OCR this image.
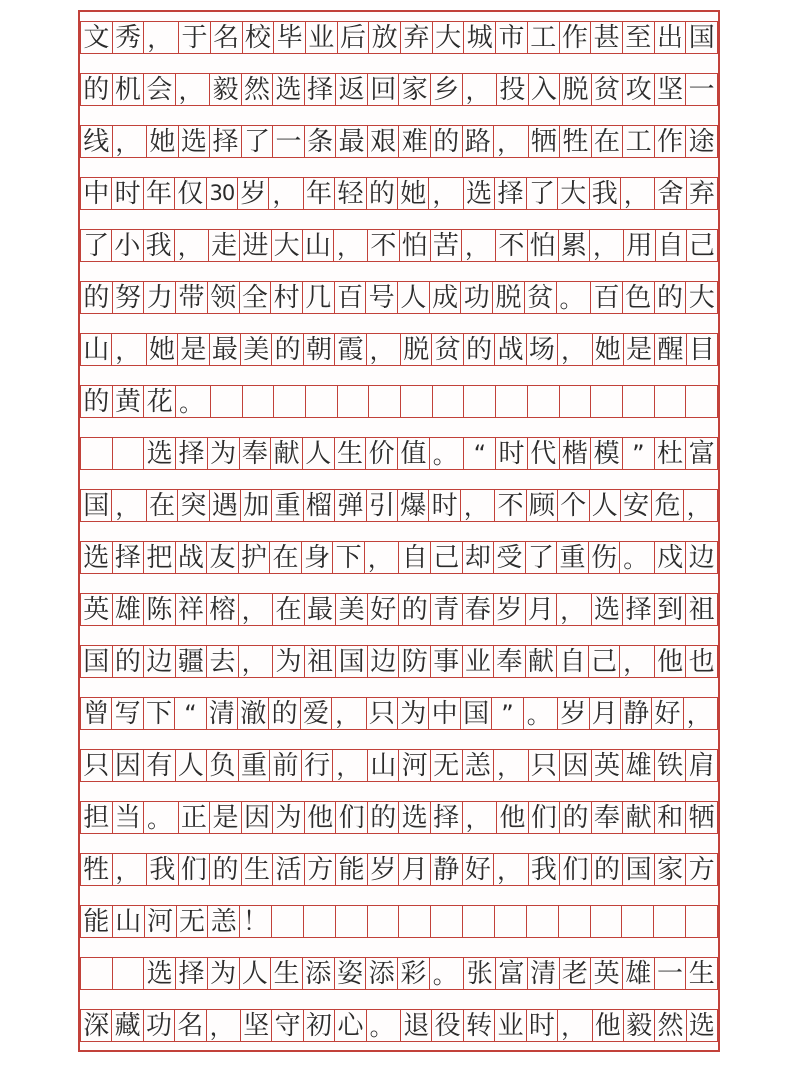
文 秀 ， 于 名 校 毕 业 后 放 弃 大 城 市 工 作 甚 至 出 国
的 机 会 ， 毅 然 选 择 返 回 家 乡 ， 投 入 脱 贫 攻 坚 一
线 ， 她 选 择 了 一 条 最 艰 难 的 路 ， 牺 牲 在 工 作 途
中 时 年 仅 30 岁 ， 年 轻 的 她 ， 选 择 了 大 我 ， 舍 弃
了 小 我 ， 走 进 大 山 ， 不 怕 苦 ， 不 怕 累 ， 用 自 己
的 努 力 带 领 全 村 几 百 号 人 成 功 脱 贫 。 百 色 的 大
山 ， 她 是 最 美 的 朝 霞 ， 脱 贫 的 战 场 ， 她 是 醒 目
的 黄 花 。
选 择 为 奉 献 人 生 价 值 。 “ 时 代 楷 模 ” 杜 富
国 ， 在 突 遇 加 重 榴 弹 引 爆 时 ， 不 顾 个 人 安 危 ，
选 择 把 战 友 护 在 身 下 ， 自 己 却 受 了 重 伤 。 戍 边
英 雄 陈 祥 榕 ， 在 最 美 好 的 青 春 岁 月 ， 选 择 到 祖
国 的 边 疆 去 ， 为 祖 国 边 防 事 业 奉 献 自 己 ， 他 也
曾 写 下 “ 清 澈 的 爱 ， 只 为 中 国 ” 。 岁 月 静 好 ，
只 因 有 人 负 重 前 行 ， 山 河 无 恙 ， 只 因 英 雄 铁 肩
担 当 。 正 是 因 为 他 们 的 选 择 ， 他 们 的 奉 献 和 牺
牲 ， 我 们 的 生 活 方 能 岁 月 静 好 ， 我 们 的 国 家 方
能 山 河 无 恙 ！
选 择 为 人 生 添 姿 添 彩 。 张 富 清 老 英 雄 一 生
深 藏 功 名 ， 坚 守 初 心 。 退 役 转 业 时 ， 他 毅 然 选
